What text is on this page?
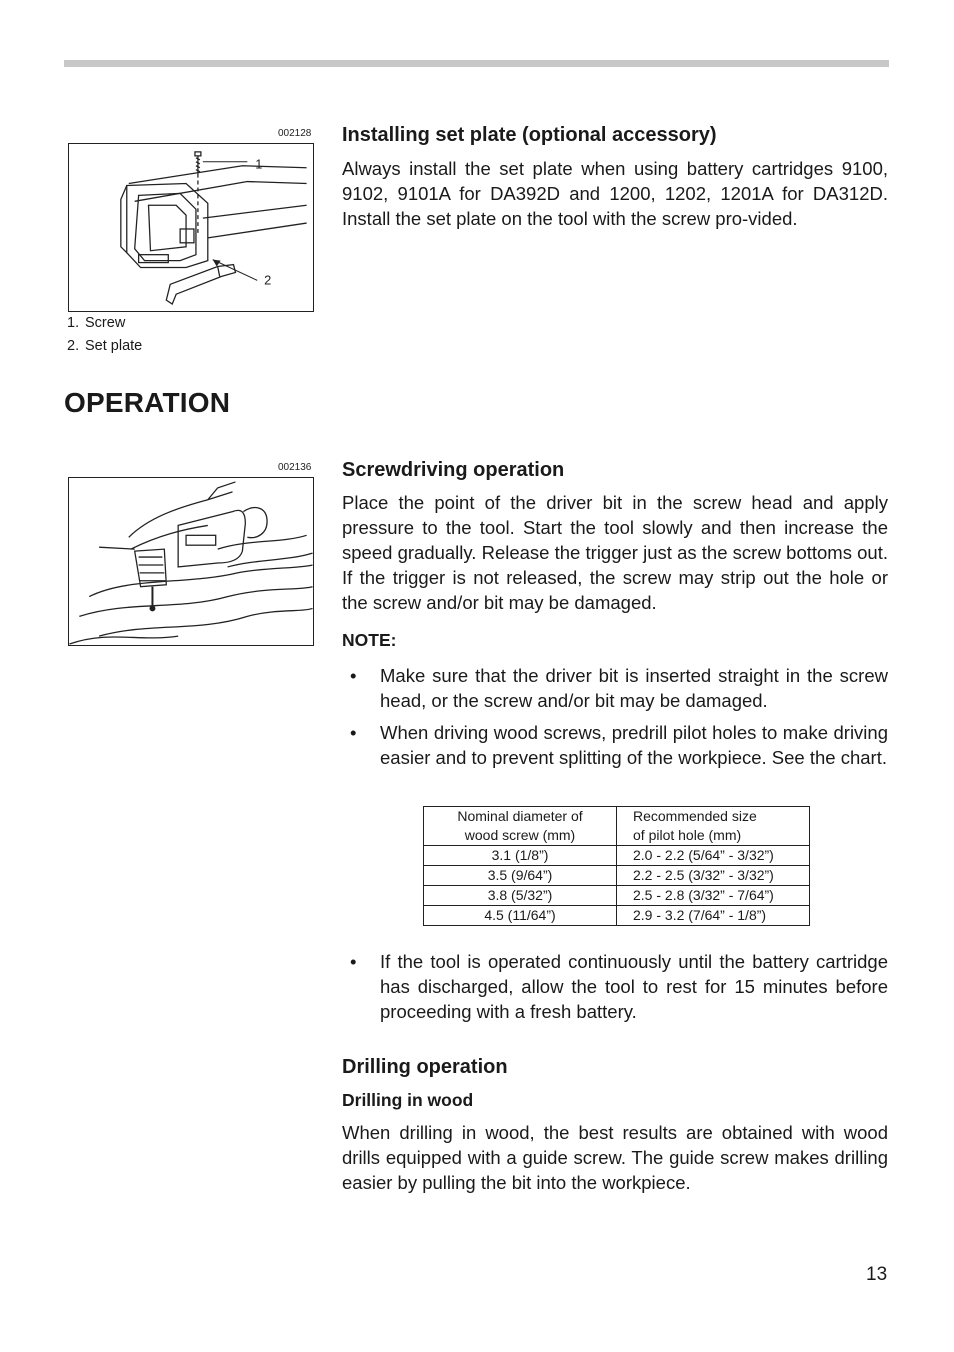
002128
1
2
1. Screw
2. Set plate
Installing set plate (optional accessory)

Always install the set plate when using battery cartridges 9100, 9102, 9101A for DA392D and 1200, 1202, 1201A for DA312D. Install the set plate on the tool with the screw pro-vided.

OPERATION
002136 Screwdriving operation

Place the point of the driver bit in the screw head and apply pressure to the tool. Start the tool slowly and then increase the speed gradually. Release the trigger just as the screw bottoms out. If the trigger is not released, the screw may strip out the hole or the screw and/or bit may be damaged.

NOTE:
• Make sure that the driver bit is inserted straight in the screw head, or the screw and/or bit may be damaged.
• When driving wood screws, predrill pilot holes to make driving easier and to prevent splitting of the workpiece. See the chart.
Nominal diameter of
wood screw (mm)	Recommended size
of pilot hole (mm)
3.1 (1/8”)	2.0 - 2.2 (5/64” - 3/32”)
3.5 (9/64”)	2.2 - 2.5 (3/32” - 3/32”)
3.8 (5/32”)	2.5 - 2.8 (3/32” - 7/64”)
4.5 (11/64”)	2.9 - 3.2 (7/64” - 1/8”)
• If the tool is operated continuously until the battery cartridge has discharged, allow the tool to rest for 15 minutes before proceeding with a fresh battery.
Drilling operation
Drilling in wood

When drilling in wood, the best results are obtained with wood drills equipped with a guide screw. The guide screw makes drilling easier by pulling the bit into the workpiece.

13
